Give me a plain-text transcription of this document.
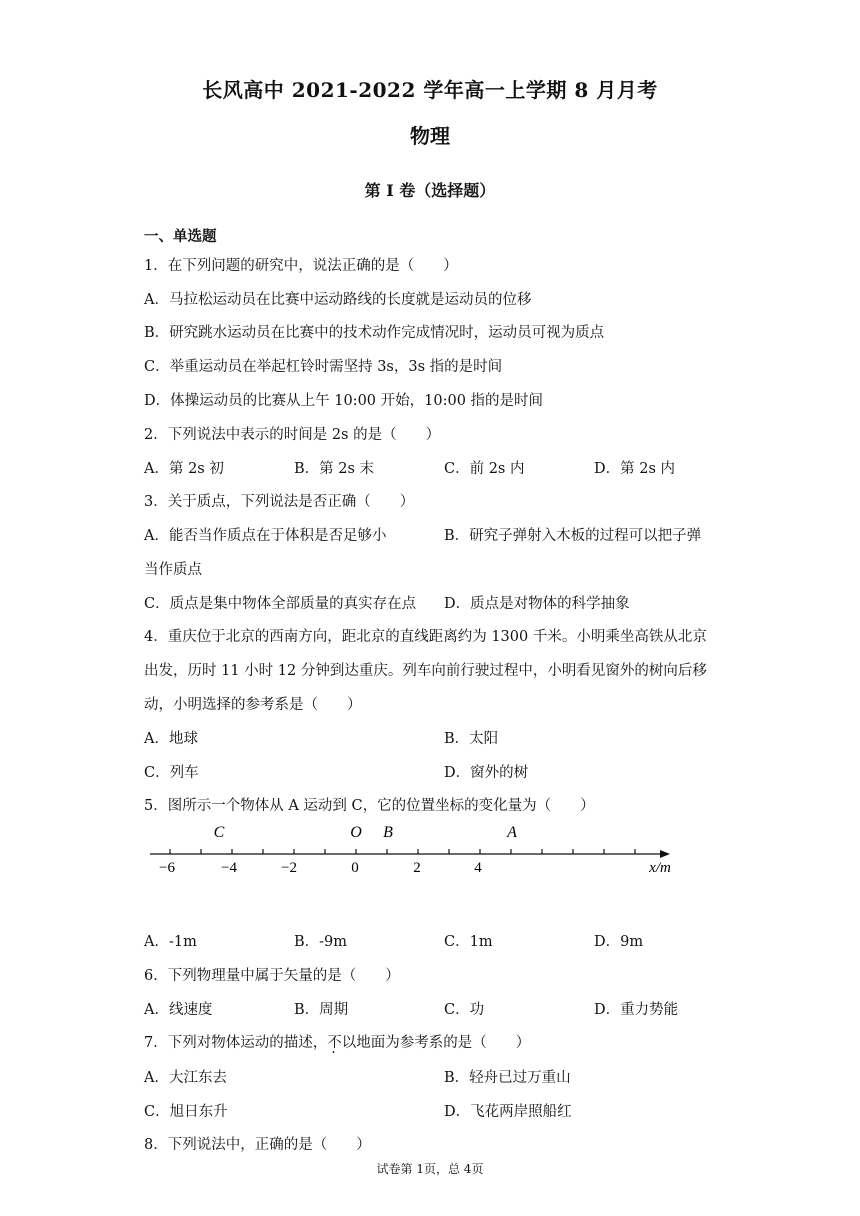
长风高中 2021-2022 学年高一上学期 8 月月考
物理
第 I 卷（选择题）
一、单选题
1．在下列问题的研究中，说法正确的是（　　）
A．马拉松运动员在比赛中运动路线的长度就是运动员的位移
B．研究跳水运动员在比赛中的技术动作完成情况时，运动员可视为质点
C．举重运动员在举起杠铃时需坚持 3s，3s 指的是时间
D．体操运动员的比赛从上午 10:00 开始，10:00 指的是时间
2．下列说法中表示的时间是 2s 的是（　　）
A．第 2s 初	B．第 2s 末	C．前 2s 内	D．第 2s 内
3．关于质点，下列说法是否正确（　　）
A．能否当作质点在于体积是否足够小	B．研究子弹射入木板的过程可以把子弹
当作质点
C．质点是集中物体全部质量的真实存在点 D．质点是对物体的科学抽象
4．重庆位于北京的西南方向，距北京的直线距离约为 1300 千米。小明乘坐高铁从北京
出发，历时 11 小时 12 分钟到达重庆。列车向前行驶过程中，小明看见窗外的树向后移
动，小明选择的参考系是（　　）
A．地球	B．太阳
C．列车	D．窗外的树
5．图所示一个物体从 A 运动到 C，它的位置坐标的变化量为（　　）
C	O B	A
−6	−4	−2	0	2	4	x/m
A．-1m	B．-9m	C．1m	D．9m
6．下列物理量中属于矢量的是（　　）
A．线速度	B．周期	C．功	D．重力势能
7．下列对物体运动的描述，不以地面为参考系的是（　　）
A．大江东去	B．轻舟已过万重山
C．旭日东升	D．飞花两岸照船红
8．下列说法中，正确的是（　　）
试卷第 1页，总 4页
